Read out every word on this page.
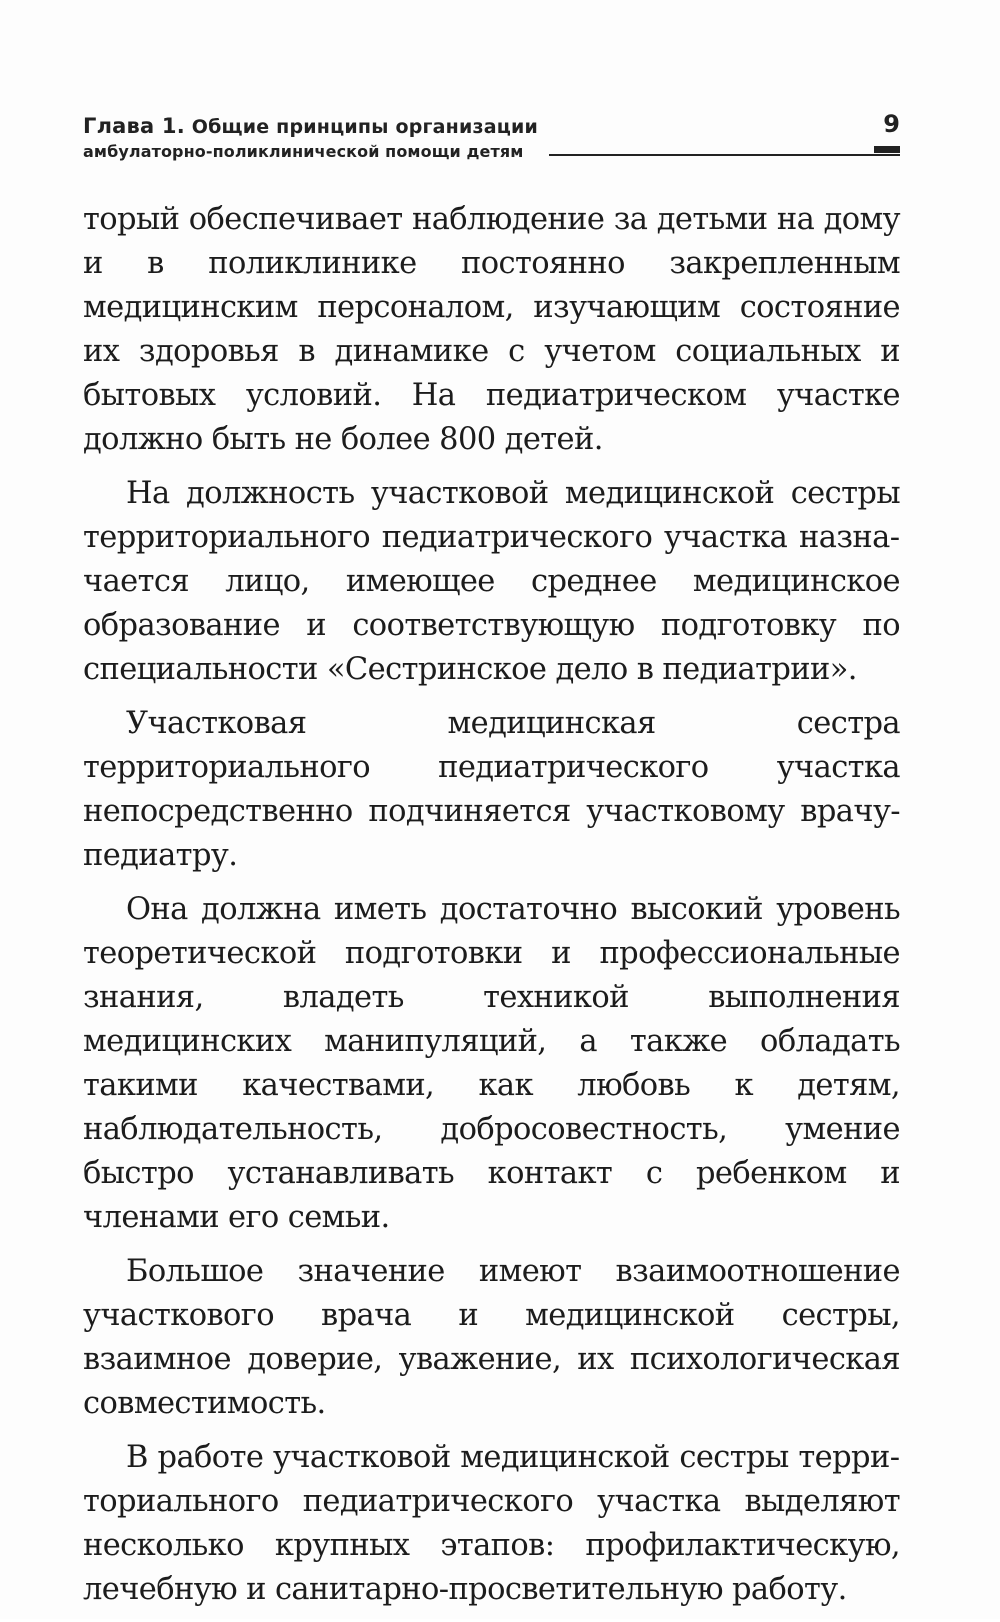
Глава 1. Общие принципы организации
амбулаторно-поликлинической помощи детям
9

торый обеспечивает наблюдение за детьми на дому и в поликлинике постоянно закрепленным медицинским персоналом, изучающим состояние их здоровья в динамике с учетом социальных и бытовых условий. На педиатрическом участке должно быть не более 800 детей.

На должность участковой медицинской сестры территориального педиатрического участка назначается лицо, имеющее среднее медицинское образование и соответствующую подготовку по специальности «Сестринское дело в педиатрии».

Участковая медицинская сестра территориального педиатрического участка непосредственно подчиняется участковому врачу-педиатру.

Она должна иметь достаточно высокий уровень теоретической подготовки и профессиональные знания, владеть техникой выполнения медицинских манипуляций, а также обладать такими качествами, как любовь к детям, наблюдательность, добросовестность, умение быстро устанавливать контакт с ребенком и членами его семьи.

Большое значение имеют взаимоотношение участкового врача и медицинской сестры, взаимное доверие, уважение, их психологическая совместимость.

В работе участковой медицинской сестры территориального педиатрического участка выделяют несколько крупных этапов: профилактическую, лечебную и санитарно-просветительную работу.
